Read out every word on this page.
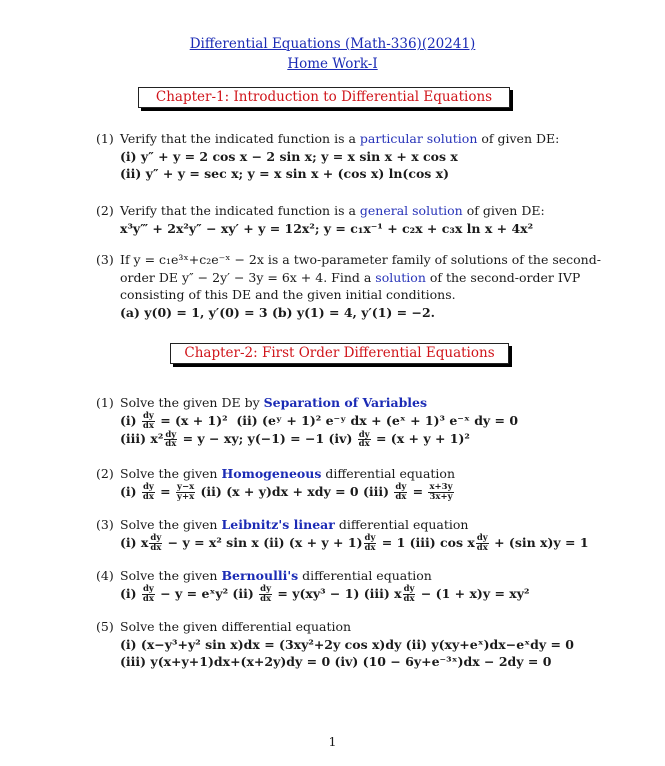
Differential Equations (Math-336)(20241)
Home Work-I
Chapter-1: Introduction to Differential Equations
(1) Verify that the indicated function is a particular solution of given DE:
(i) y″ + y = 2 cos x − 2 sin x; y = x sin x + x cos x
(ii) y″ + y = sec x; y = x sin x + (cos x) ln(cos x)
(2) Verify that the indicated function is a general solution of given DE:
x³y‴ + 2x²y″ − xy′ + y = 12x²; y = c₁x⁻¹ + c₂x + c₃x ln x + 4x²
(3) If y = c₁e³ˣ+c₂e⁻ˣ − 2x is a two-parameter family of solutions of the second-
order DE y″ − 2y′ − 3y = 6x + 4. Find a solution of the second-order IVP
consisting of this DE and the given initial conditions.
(a) y(0) = 1, y′(0) = 3 (b) y(1) = 4, y′(1) = −2.
Chapter-2: First Order Differential Equations
(1) Solve the given DE by Separation of Variables
$(i) \frac{dy}{dx} = (x + 1)^2$ (ii) (eʸ + 1)² e⁻ʸ dx + (eˣ + 1)³ e⁻ˣ dy = 0
(iii) $x^2 \frac{dy}{dx} = y$ − xy; y(−1) = −1 $(iv) \frac{dy}{dx} = (x + y + 1)^2$
(2) Solve the given Homogeneous differential equation
$(i) \frac{dy}{dx} = \frac{y-x}{y+x} (ii) (x + y)dx$ + xdy = 0 $(iii) \frac{dy}{dx} = \frac{x+3y}{3x+y}$
(3) Solve the given Leibnitz's linear differential equation
(i) x $\frac{dy}{dx} - y = x^2$ sin x (ii) $(x + y + 1) \frac{dy}{dx} = 1$ (iii) cos x $\frac{dy}{dx} + (\sin$ x)y = 1
(4) Solve the given Bernoulli's differential equation
$(i) \frac{dy}{dx} - y$ = eˣy² $(ii) \frac{dy}{dx} = y(xy^3 - 1)$ (iii) x $\frac{dy}{dx} - (1 + x)y = xy^2$
(5) Solve the given differential equation
(i) (x−y³+y² sin x)dx = (3xy²+2y cos x)dy (ii) y(xy+eˣ)dx−eˣdy = 0
(iii) y(x+y+1)dx+(x+2y)dy = 0 (iv) (10 − 6y+e⁻³ˣ)dx − 2dy = 0
1
